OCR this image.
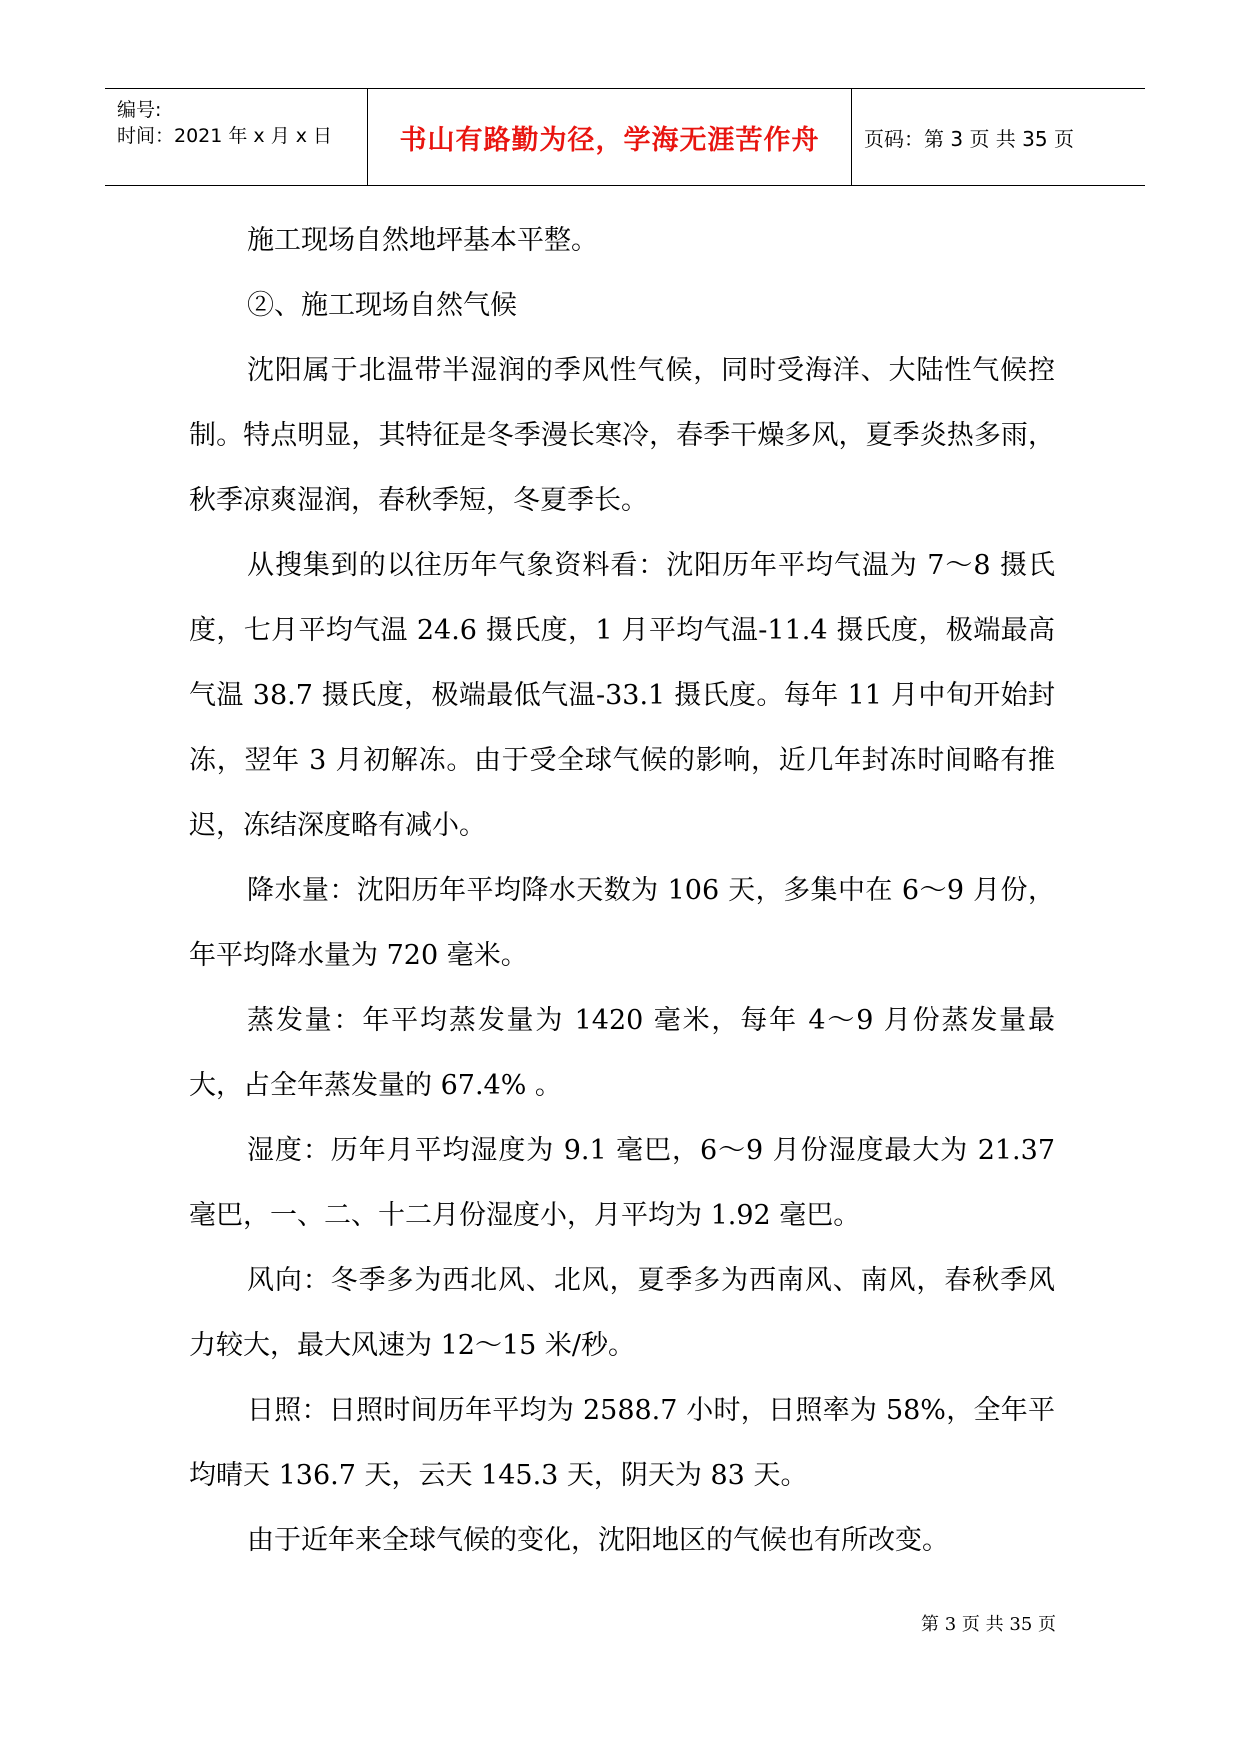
编号:
时间：2021 年 x 月 x 日 书山有路勤为径，学海无涯苦作舟	页码：第 3 页 共 35 页

施工现场自然地坪基本平整。

②、施工现场自然气候

沈阳属于北温带半湿润的季风性气候，同时受海洋、大陆性气候控制。特点明显，其特征是冬季漫长寒冷，春季干燥多风，夏季炎热多雨，秋季凉爽湿润，春秋季短，冬夏季长。

从搜集到的以往历年气象资料看：沈阳历年平均气温为 7～8 摄氏度，七月平均气温 24.6 摄氏度，1 月平均气温-11.4 摄氏度，极端最高气温 38.7 摄氏度，极端最低气温-33.1 摄氏度。每年 11 月中旬开始封冻，翌年 3 月初解冻。由于受全球气候的影响，近几年封冻时间略有推迟，冻结深度略有减小。

降水量：沈阳历年平均降水天数为 106 天，多集中在 6～9 月份，年平均降水量为 720 毫米。

蒸发量：年平均蒸发量为 1420 毫米，每年 4～9 月份蒸发量最大，占全年蒸发量的 67.4% 。

湿度：历年月平均湿度为 9.1 毫巴，6～9 月份湿度最大为 21.37 毫巴，一、二、十二月份湿度小，月平均为 1.92 毫巴。

风向：冬季多为西北风、北风，夏季多为西南风、南风，春秋季风力较大，最大风速为 12～15 米/秒。

日照：日照时间历年平均为 2588.7 小时，日照率为 58%，全年平均晴天 136.7 天，云天 145.3 天，阴天为 83 天。

由于近年来全球气候的变化，沈阳地区的气候也有所改变。

第 3 页 共 35 页
